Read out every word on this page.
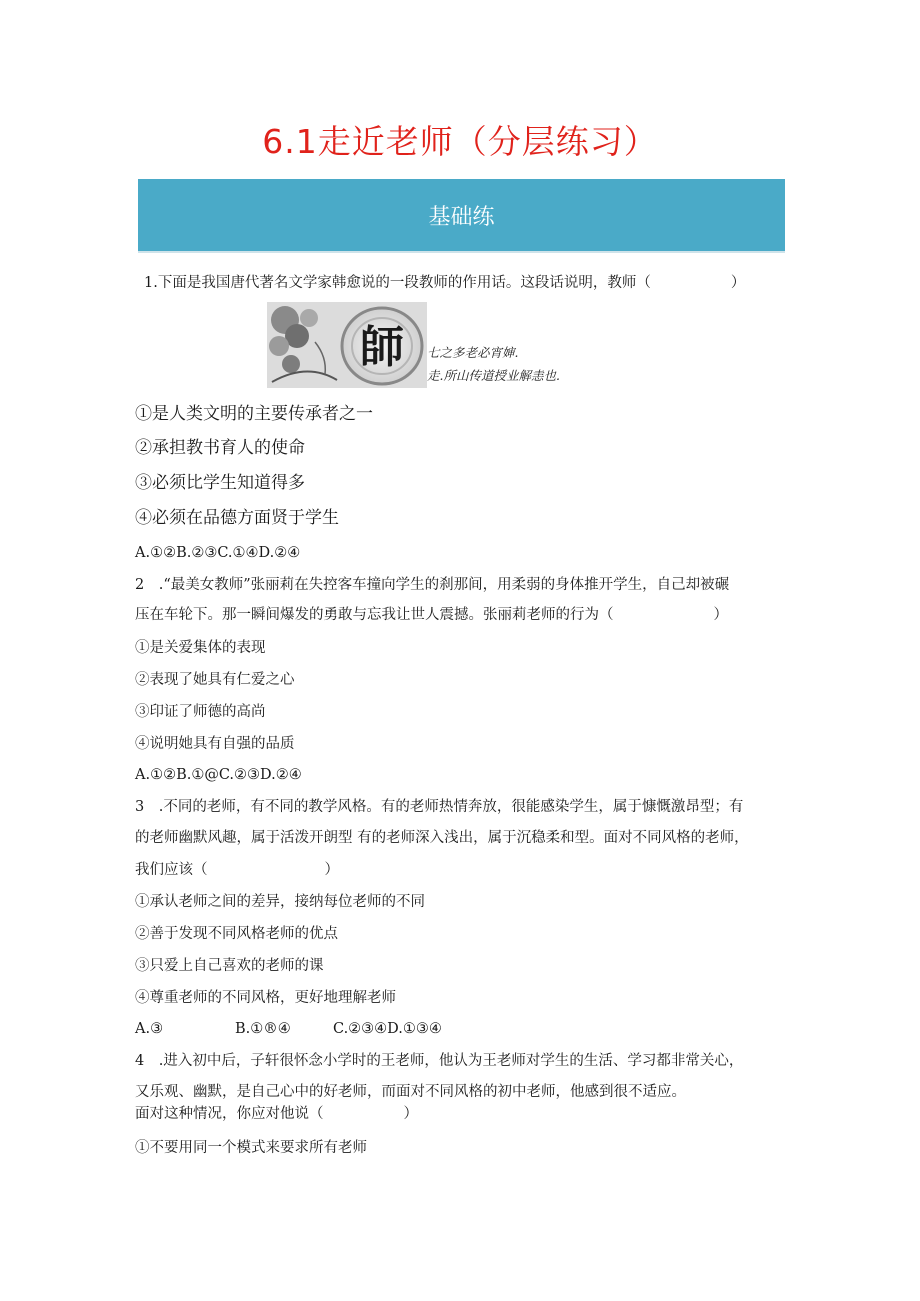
6.1走近老师（分层练习）
基础练
1.下面是我国唐代著名文学家韩愈说的一段教师的作用话。这段话说明，教师（	）
師 七之多老必宵婶.
走.所山传道授业解恚也.
①是人类文明的主要传承者之一
②承担教书育人的使命
③必须比学生知道得多
④必须在品德方面贤于学生
A.①②B.②③C.①④D.②④
2　.“最美女教师”张丽莉在失控客车撞向学生的刹那间，用柔弱的身体推开学生，自己却被碾
压在车轮下。那一瞬间爆发的勇敢与忘我让世人震撼。张丽莉老师的行为（	）
①是关爱集体的表现
②表现了她具有仁爱之心
③印证了师德的高尚
④说明她具有自强的品质
A.①②B.①@C.②③D.②④
3　.不同的老师，有不同的教学风格。有的老师热情奔放，很能感染学生，属于慷慨激昂型；有
的老师幽默风趣，属于活泼开朗型 有的老师深入浅出，属于沉稳柔和型。面对不同风格的老师，
我们应该（	）
①承认老师之间的差异，接纳每位老师的不同
②善于发现不同风格老师的优点
③只爱上自己喜欢的老师的课
④尊重老师的不同风格，更好地理解老师
A.③	B.①®④	C.②③④D.①③④
4　.进入初中后，子轩很怀念小学时的王老师，他认为王老师对学生的生活、学习都非常关心，
又乐观、幽默，是自己心中的好老师，而面对不同风格的初中老师，他感到很不适应。
面对这种情况，你应对他说（	）
①不要用同一个模式来要求所有老师
